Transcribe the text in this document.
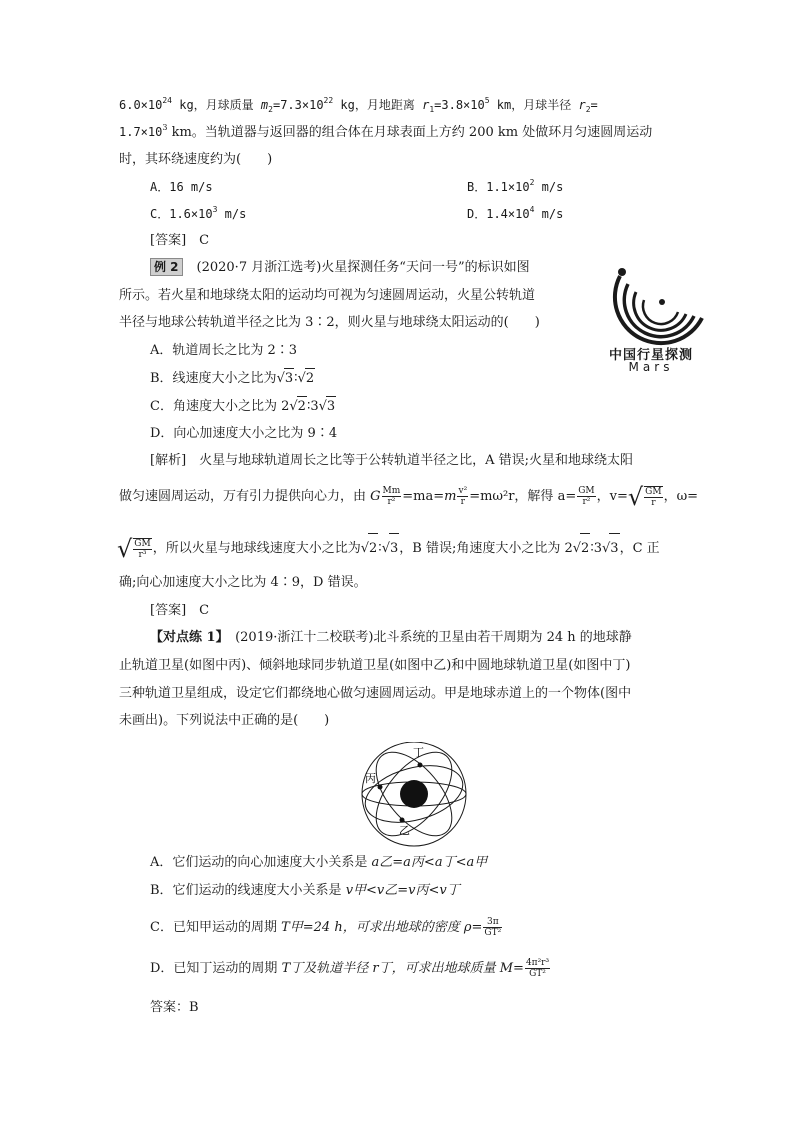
$6.0\times 10^{24}$ kg，月球质量 $m_2=7.3\times 10^{22}$ kg，月地距离 $r_1=3.8\times 10^5$ km，月球半径 $r_2=$
$1.7\times 10^3$ km。当轨道器与返回器的组合体在月球表面上方约 200 km 处做环月匀速圆周运动
时，其环绕速度约为(　　)
A．16 m/s	B．$1.1\times 10^2$ m/s
C．$1.6\times 10^3$ m/s	D．$1.4\times 10^4$ m/s
[答案]　C
例 2 (2020·7 月浙江选考)火星探测任务“天问一号”的标识如图
所示。若火星和地球绕太阳的运动均可视为匀速圆周运动，火星公转轨道
半径与地球公转轨道半径之比为 3∶2，则火星与地球绕太阳运动的(　　)
A．轨道周长之比为 2∶3
B．线速度大小之比为√3∶√2
C．角速度大小之比为 2√2∶3√3
D．向心加速度大小之比为 9∶4
中国行星探测
Mars
[解析]　火星与地球轨道周长之比等于公转轨道半径之比，A 错误;火星和地球绕太阳
做匀速圆周运动，万有引力提供向心力，由 G $\frac{Mm}{\text{r²}} =ma=m \frac{\text{v²}}{r} =m\omega^2r$，解得 $a= \frac{GM}{\text{r²}}$ ，$v=√ \frac{GM}{r}$ ，ω=
√ $\frac{GM}{\text{r³}}$ ，所以火星与地球线速度大小之比为√2∶√3，B 错误;角速度大小之比为 2√2∶3√3，C 正
确;向心加速度大小之比为 4∶9，D 错误。
[答案]　C
【对点练 1】　(2019·浙江十二校联考)北斗系统的卫星由若干周期为 24 h 的地球静
止轨道卫星(如图中丙)、倾斜地球同步轨道卫星(如图中乙)和中圆地球轨道卫星(如图中丁)
三种轨道卫星组成，设定它们都绕地心做匀速圆周运动。甲是地球赤道上的一个物体(图中
未画出)。下列说法中正确的是(　　)
丁
丙
乙
A．它们运动的向心加速度大小关系是 a乙=a丙<a丁<a甲
B．它们运动的线速度大小关系是 v甲<v乙=v丙<v丁
C．已知甲运动的周期 T甲=24 h，可求出地球的密度 $\rho= \frac{3\pi}{\text{GT²}}$
D．已知丁运动的周期 T丁及轨道半径 r丁，可求出地球质量 $M= \frac{\text{4π²r³}}{\text{GT²}}$
答案：B
